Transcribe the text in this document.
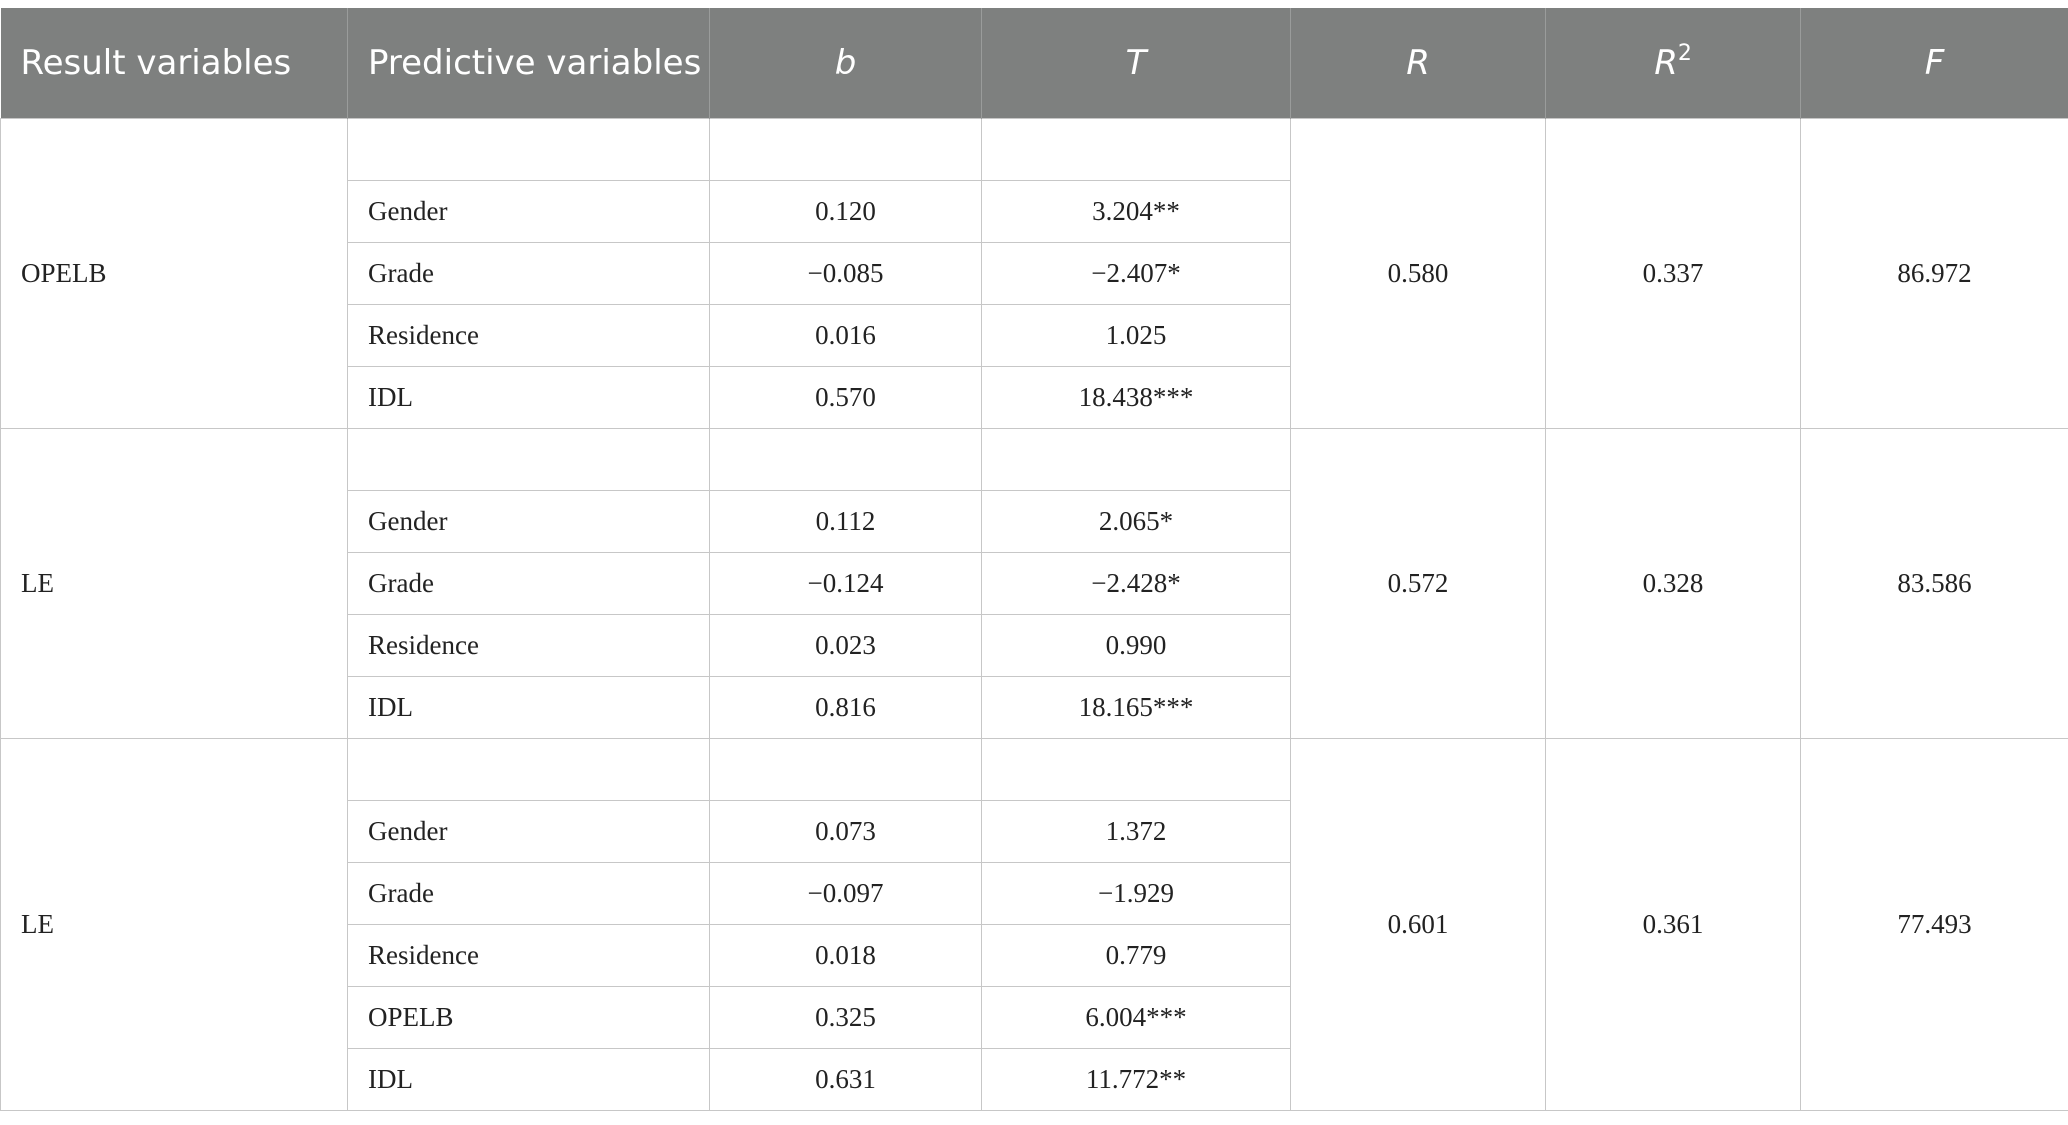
Result variables	Predictive variables	b	T	R	$R^2$	F
OPELB				0.580	0.337	86.972
	Gender	0.120	3.204**			
	Grade	−0.085	−2.407*			
	Residence	0.016	1.025			
	IDL	0.570	18.438***			
LE				0.572	0.328	83.586
	Gender	0.112	2.065*			
	Grade	−0.124	−2.428*			
	Residence	0.023	0.990			
	IDL	0.816	18.165***			
LE				0.601	0.361	77.493
	Gender	0.073	1.372			
	Grade	−0.097	−1.929			
	Residence	0.018	0.779			
	OPELB	0.325	6.004***			
	IDL	0.631	11.772**			
